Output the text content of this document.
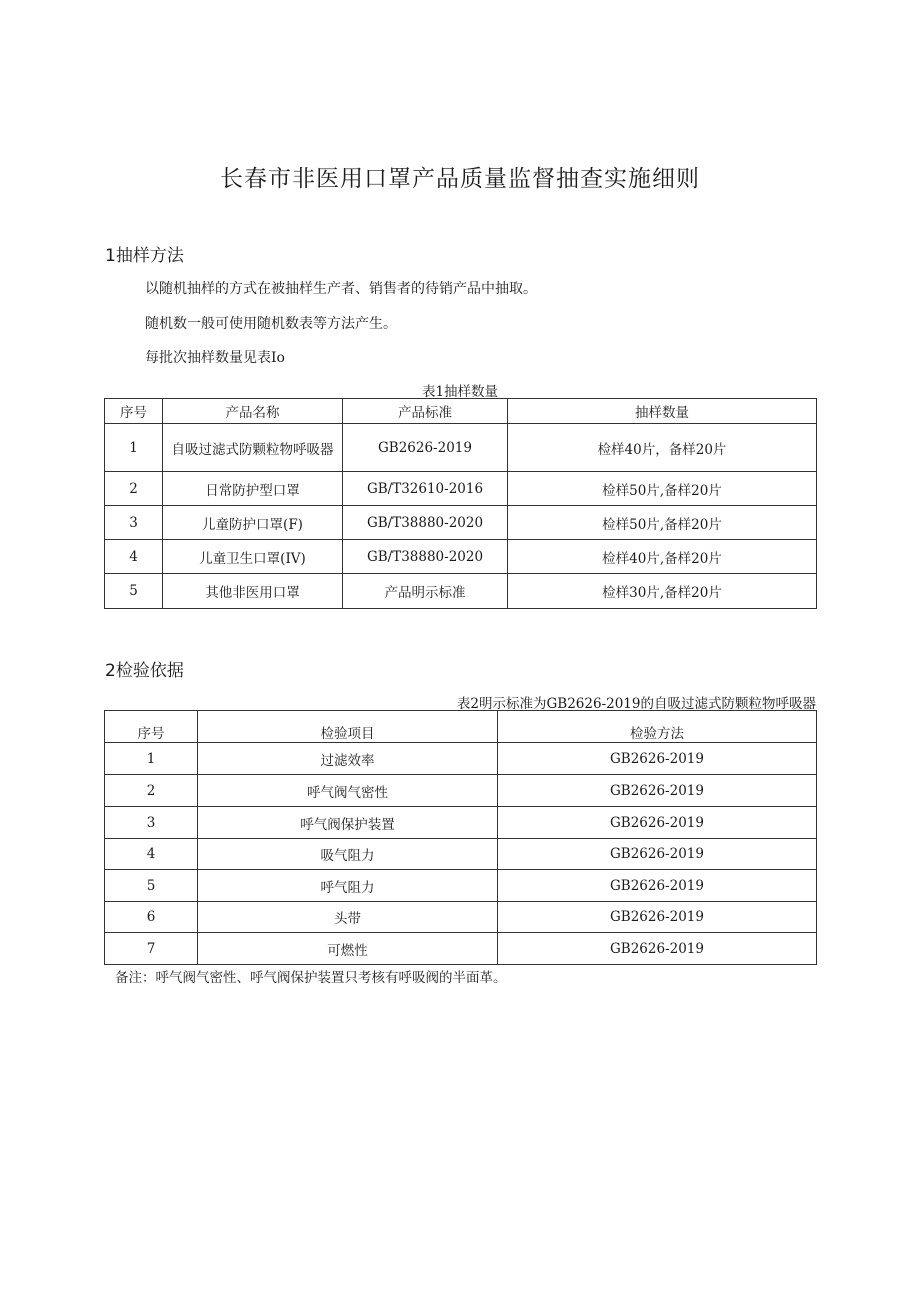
长春市非医用口罩产品质量监督抽查实施细则
1抽样方法
以随机抽样的方式在被抽样生产者、销售者的待销产品中抽取。
随机数一般可使用随机数表等方法产生。
每批次抽样数量见表Io
表1抽样数量
序号	产品名称	产品标准	抽样数量
1	自吸过滤式防颗粒物呼吸器	GB2626-2019	检样40片，备样20片
2	日常防护型口罩	GB/T32610-2016	检样50片,备样20片
3	儿童防护口罩(F)	GB/T38880-2020	检样50片,备样20片
4	儿童卫生口罩(IV)	GB/T38880-2020	检样40片,备样20片
5	其他非医用口罩	产品明示标准	检样30片,备样20片
2检验依据
表2明示标准为GB2626-2019的自吸过滤式防颗粒物呼吸器
序号	检验项目	检验方法
1	过滤效率	GB2626-2019
2	呼气阀气密性	GB2626-2019
3	呼气阀保护装置	GB2626-2019
4	吸气阻力	GB2626-2019
5	呼气阻力	GB2626-2019
6	头带	GB2626-2019
7	可燃性	GB2626-2019
备注：呼气阀气密性、呼气阀保护装置只考核有呼吸阀的半面革。
